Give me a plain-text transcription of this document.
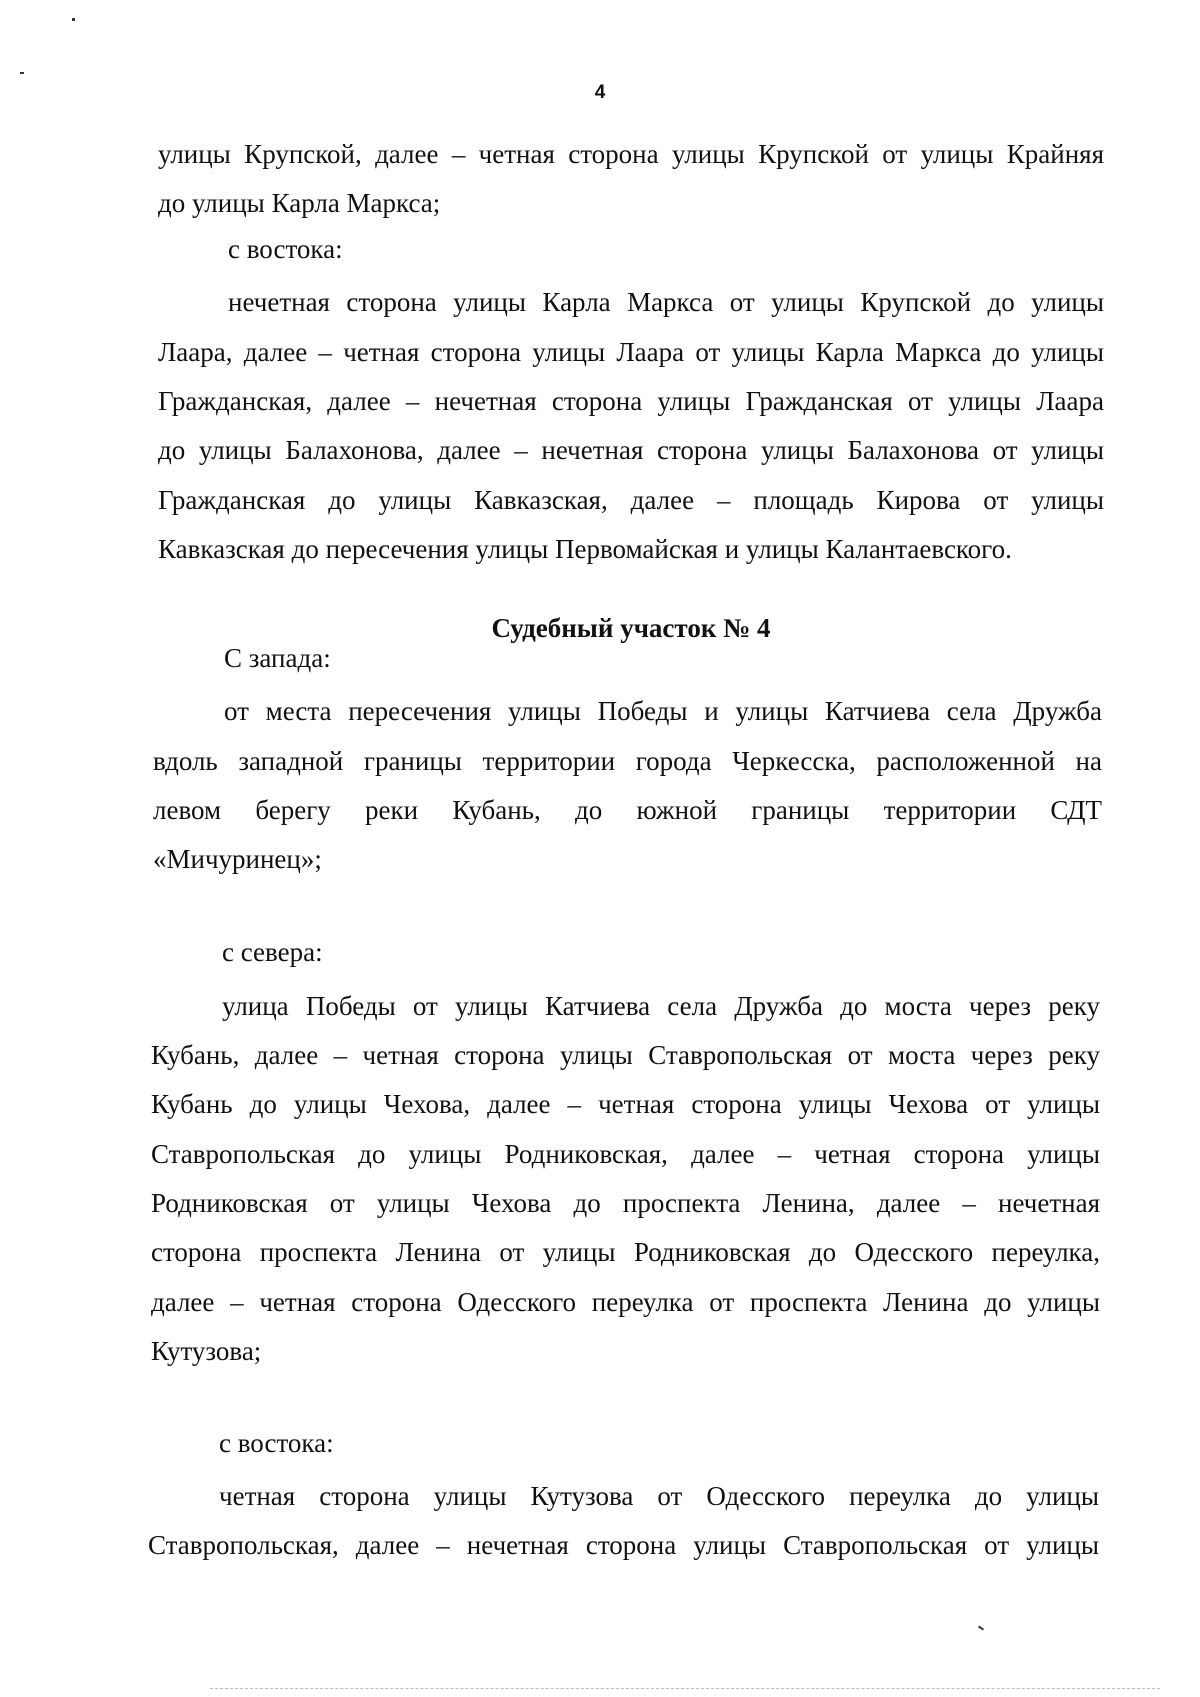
4
улицы Крупской, далее – четная сторона улицы Крупской от улицы Крайняя
до улицы Карла Маркса;
с востока:
нечетная сторона улицы Карла Маркса от улицы Крупской до улицы
Лаара, далее – четная сторона улицы Лаара от улицы Карла Маркса до улицы
Гражданская, далее – нечетная сторона улицы Гражданская от улицы Лаара
до улицы Балахонова, далее – нечетная сторона улицы Балахонова от улицы
Гражданская до улицы Кавказская, далее – площадь Кирова от улицы
Кавказская до пересечения улицы Первомайская и улицы Калантаевского.
Судебный участок № 4
С запада:
от места пересечения улицы Победы и улицы Катчиева села Дружба
вдоль западной границы территории города Черкесска, расположенной на
левом берегу реки Кубань, до южной границы территории СДТ
«Мичуринец»;
с севера:
улица Победы от улицы Катчиева села Дружба до моста через реку
Кубань, далее – четная сторона улицы Ставропольская от моста через реку
Кубань до улицы Чехова, далее – четная сторона улицы Чехова от улицы
Ставропольская до улицы Родниковская, далее – четная сторона улицы
Родниковская от улицы Чехова до проспекта Ленина, далее – нечетная
сторона проспекта Ленина от улицы Родниковская до Одесского переулка,
далее – четная сторона Одесского переулка от проспекта Ленина до улицы
Кутузова;
с востока:
четная сторона улицы Кутузова от Одесского переулка до улицы
Ставропольская, далее – нечетная сторона улицы Ставропольская от улицы
